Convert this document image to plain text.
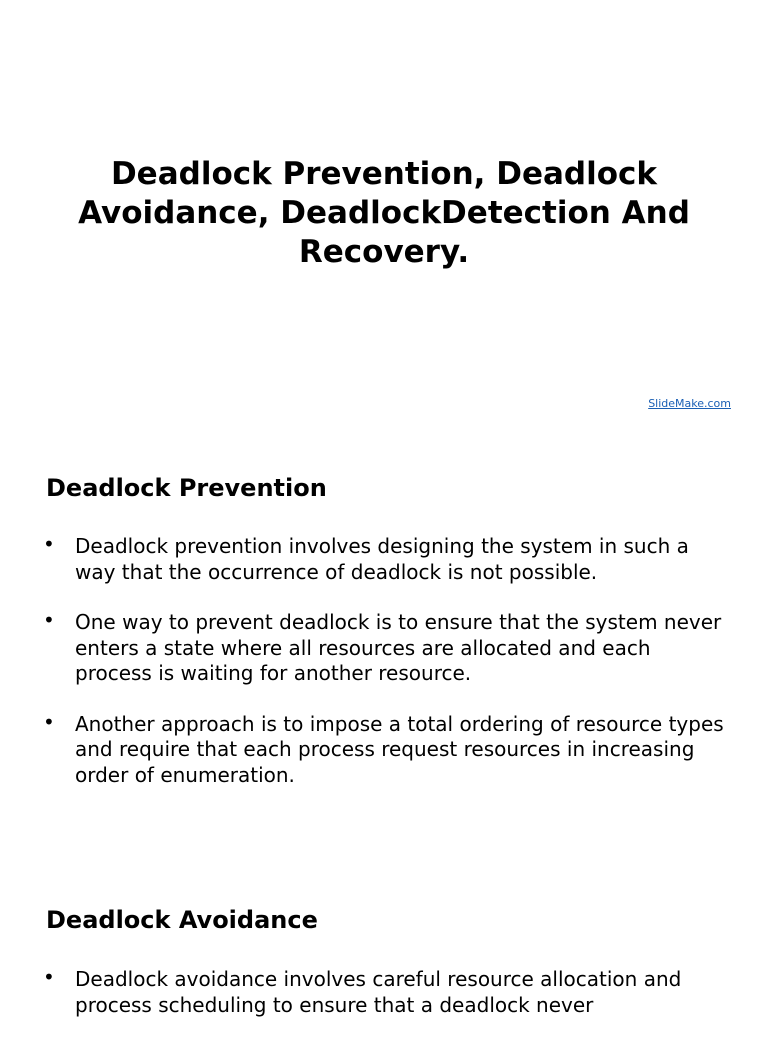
Deadlock Prevention, Deadlock Avoidance, DeadlockDetection And Recovery.
SlideMake.com
Deadlock Prevention
• Deadlock prevention involves designing the system in such a way that the occurrence of deadlock is not possible.
• One way to prevent deadlock is to ensure that the system never enters a state where all resources are allocated and each process is waiting for another resource.
• Another approach is to impose a total ordering of resource types and require that each process request resources in increasing order of enumeration.
Deadlock Avoidance
• Deadlock avoidance involves careful resource allocation and process scheduling to ensure that a deadlock never
